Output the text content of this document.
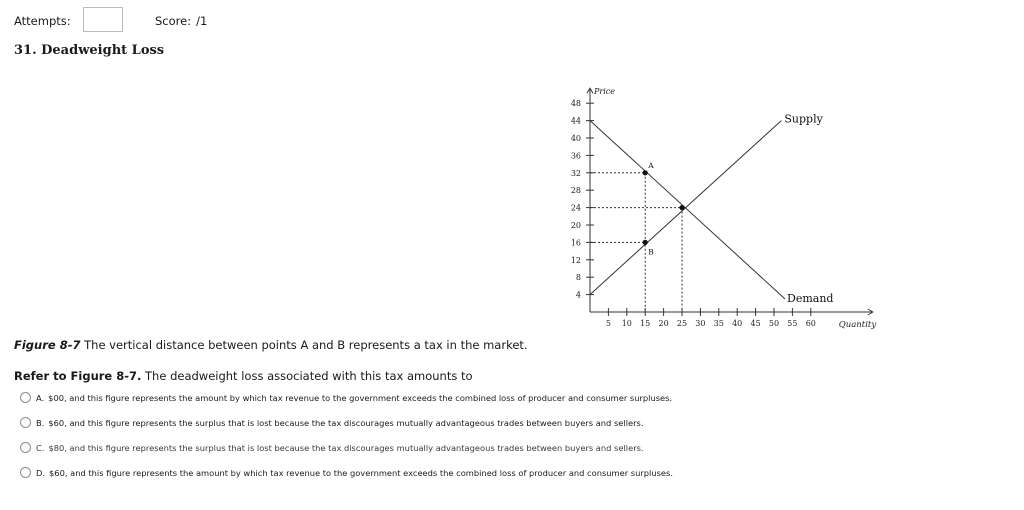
Attempts:	Score: /1
31. Deadweight Loss
Price
Quantity
4
8
12
16
20
24
28
32
36
40
44
48
5 10 15 20 25 30 35 40 45 50 55 60
Supply
Demand
A
B
Figure 8-7 The vertical distance between points A and B represents a tax in the market.
Refer to Figure 8-7. The deadweight loss associated with this tax amounts to
A. $00, and this figure represents the amount by which tax revenue to the government exceeds the combined loss of producer and consumer surpluses.
B. $60, and this figure represents the surplus that is lost because the tax discourages mutually advantageous trades between buyers and sellers.
C. $80, and this figure represents the surplus that is lost because the tax discourages mutually advantageous trades between buyers and sellers.
D. $60, and this figure represents the amount by which tax revenue to the government exceeds the combined loss of producer and consumer surpluses.
